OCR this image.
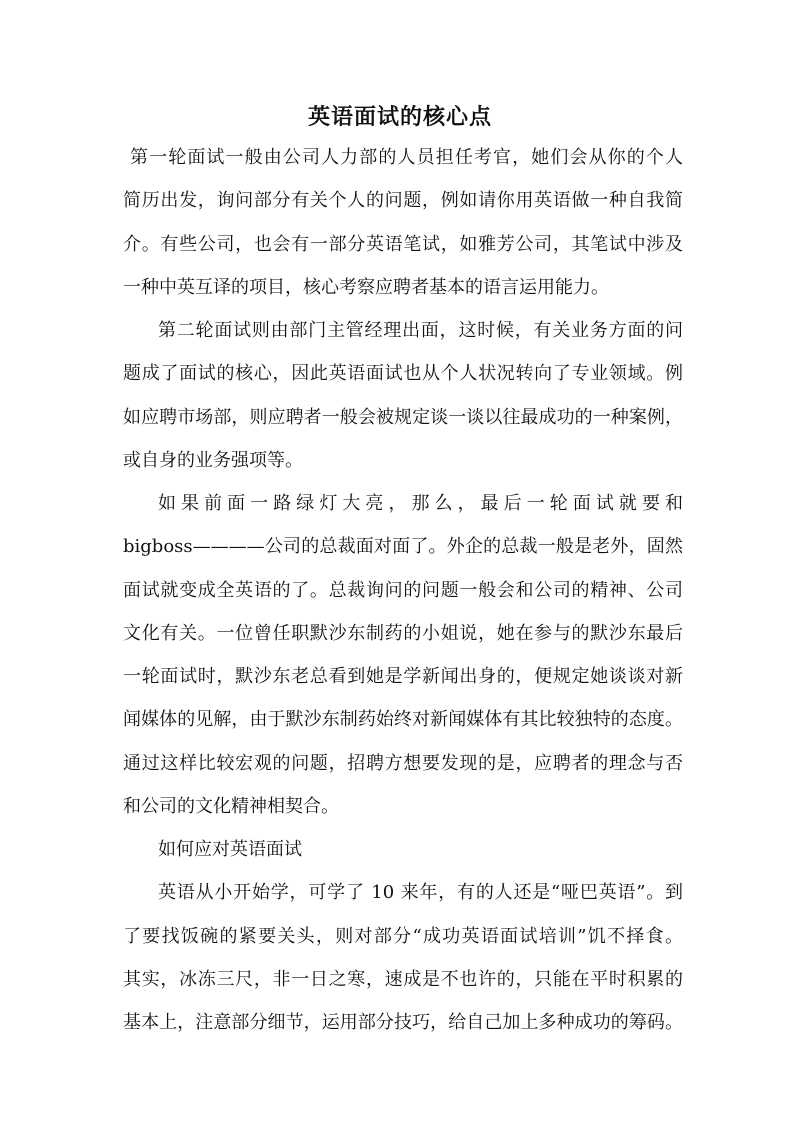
英语面试的核心点
第一轮面试一般由公司人力部的人员担任考官，她们会从你的个人
简历出发，询问部分有关个人的问题，例如请你用英语做一种自我简
介。有些公司，也会有一部分英语笔试，如雅芳公司，其笔试中涉及
一种中英互译的项目，核心考察应聘者基本的语言运用能力。
第二轮面试则由部门主管经理出面，这时候，有关业务方面的问
题成了面试的核心，因此英语面试也从个人状况转向了专业领域。例
如应聘市场部，则应聘者一般会被规定谈一谈以往最成功的一种案例，
或自身的业务强项等。
如果前面一路绿灯大亮，那么，最后一轮面试就要和
bigboss————公司的总裁面对面了。外企的总裁一般是老外，固然
面试就变成全英语的了。总裁询问的问题一般会和公司的精神、公司
文化有关。一位曾任职默沙东制药的小姐说，她在参与的默沙东最后
一轮面试时，默沙东老总看到她是学新闻出身的，便规定她谈谈对新
闻媒体的见解，由于默沙东制药始终对新闻媒体有其比较独特的态度。
通过这样比较宏观的问题，招聘方想要发现的是，应聘者的理念与否
和公司的文化精神相契合。
如何应对英语面试
英语从小开始学，可学了 10 来年，有的人还是“哑巴英语”。到
了要找饭碗的紧要关头，则对部分“成功英语面试培训”饥不择食。
其实，冰冻三尺，非一日之寒，速成是不也许的，只能在平时积累的
基本上，注意部分细节，运用部分技巧，给自己加上多种成功的筹码。
